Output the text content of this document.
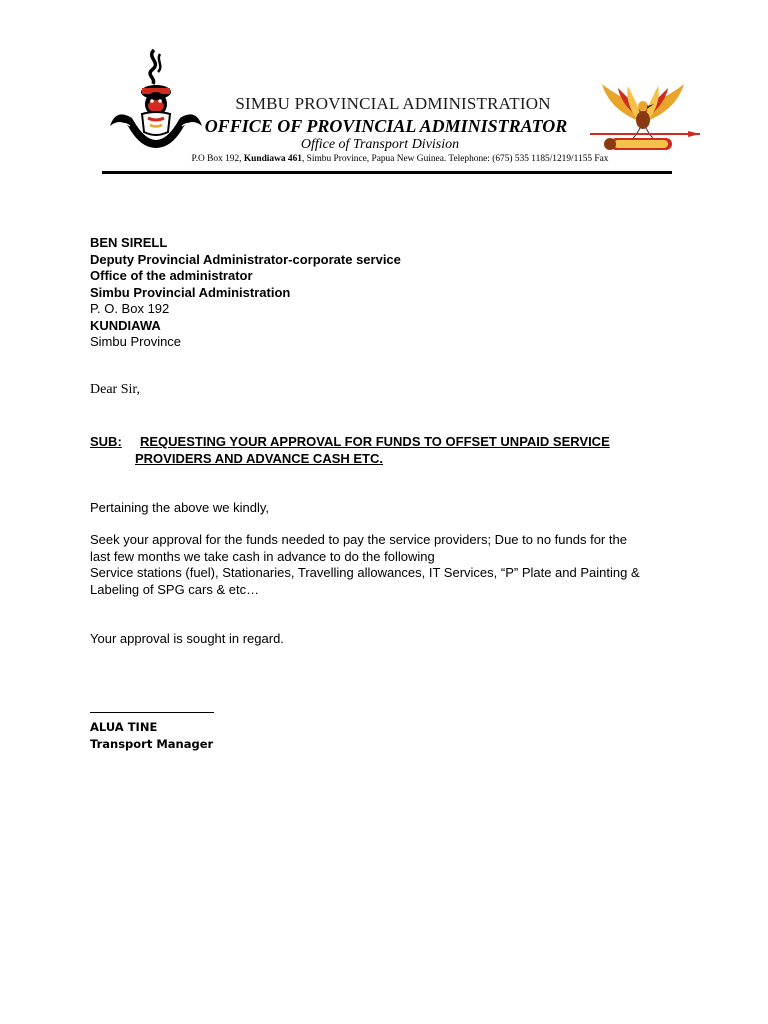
SIMBU PROVINCIAL ADMINISTRATION
OFFICE OF PROVINCIAL ADMINISTRATOR
Office of Transport Division
P.O Box 192, Kundiawa 461, Simbu Province, Papua New Guinea. Telephone: (675) 535 1185/1219/1155 Fax
BEN SIRELL
Deputy Provincial Administrator-corporate service
Office of the administrator
Simbu Provincial Administration
P. O. Box 192
KUNDIAWA
Simbu Province
Dear Sir,
SUB: REQUESTING YOUR APPROVAL FOR FUNDS TO OFFSET UNPAID SERVICE
PROVIDERS AND ADVANCE CASH ETC.
Pertaining the above we kindly,
Seek your approval for the funds needed to pay the service providers; Due to no funds for the
last few months we take cash in advance to do the following
Service stations (fuel), Stationaries, Travelling allowances, IT Services, “P” Plate and Painting &
Labeling of SPG cars & etc…
Your approval is sought in regard.
ALUA TINE
Transport Manager
